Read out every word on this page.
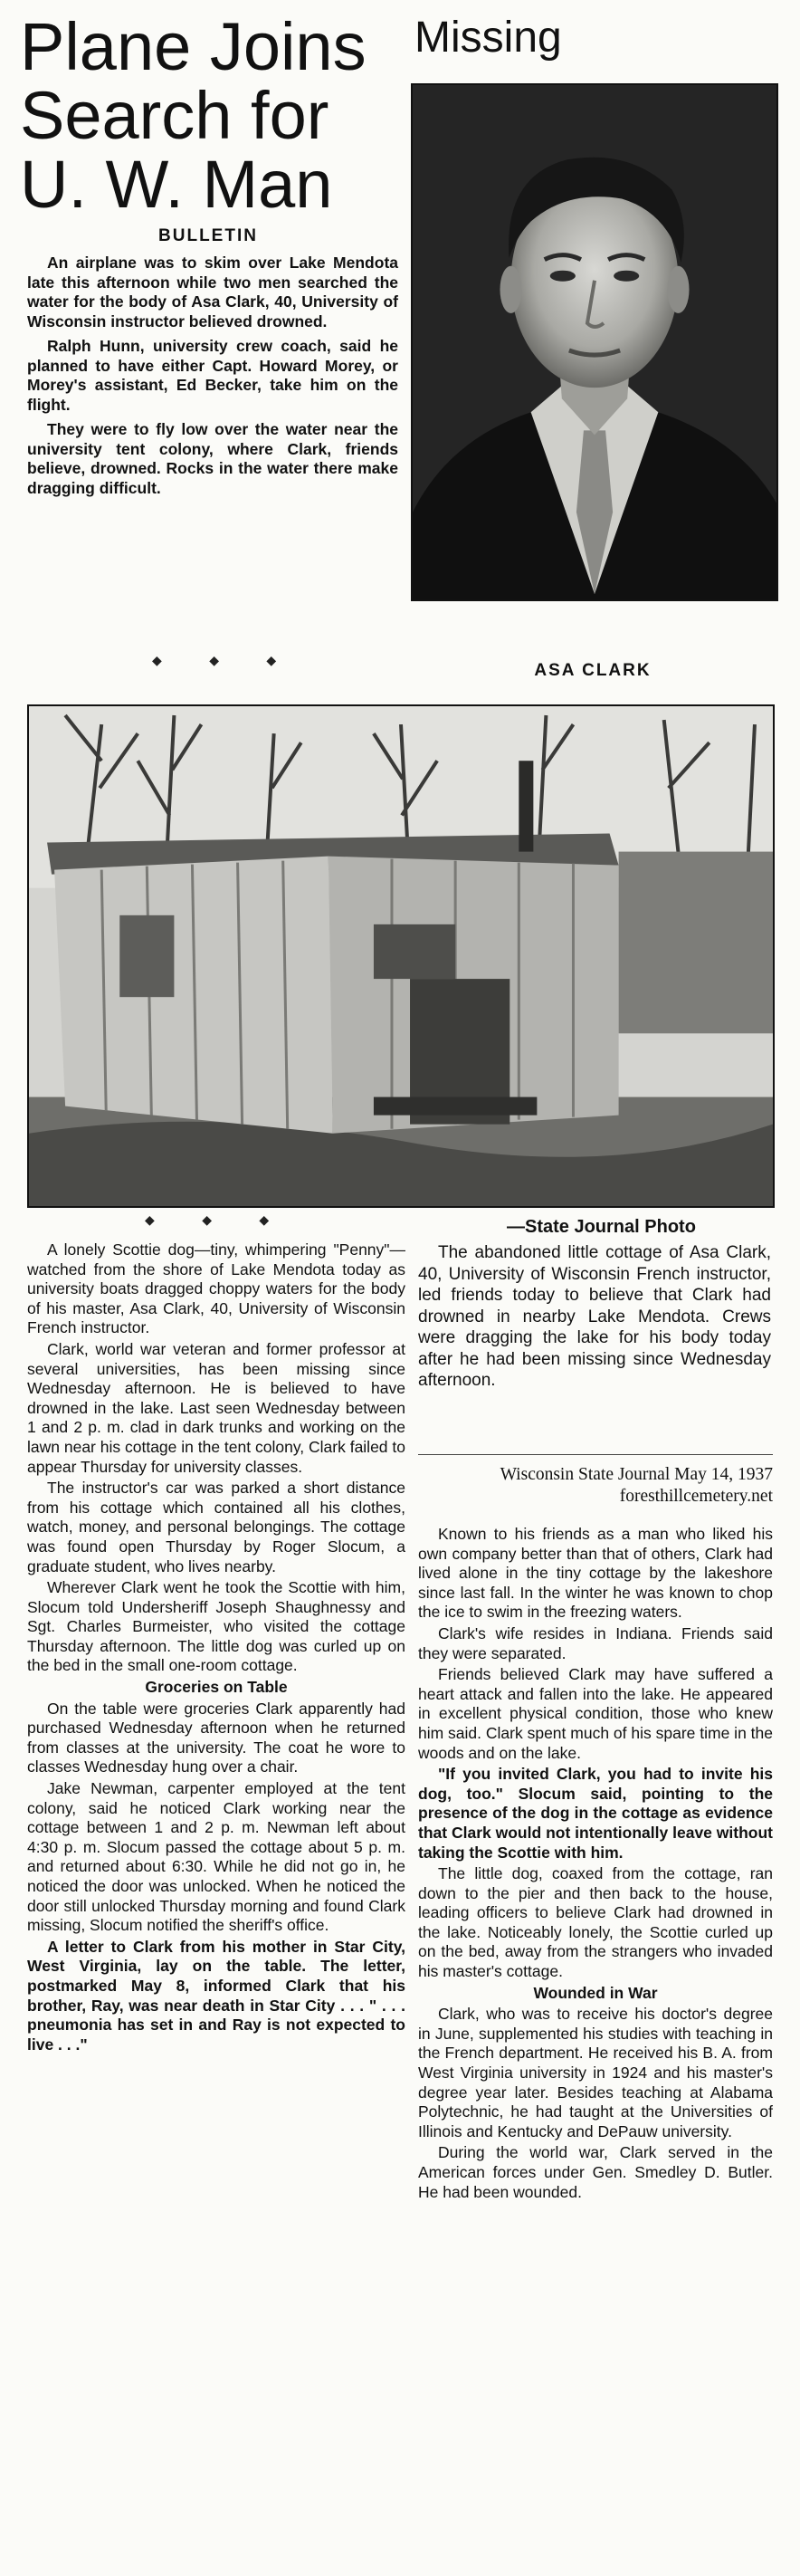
Plane Joins
Search for
U. W. Man
Missing
ASA CLARK
BULLETIN

An airplane was to skim over Lake Mendota late this afternoon while two men searched the water for the body of Asa Clark, 40, University of Wisconsin instructor believed drowned.

Ralph Hunn, university crew coach, said he planned to have either Capt. Howard Morey, or Morey's assistant, Ed Becker, take him on the flight.

They were to fly low over the water near the university tent colony, where Clark, friends believe, drowned. Rocks in the water there make dragging difficult.

◆ ◆ ◆
◆ ◆ ◆	—State Journal Photo
The abandoned little cottage of Asa Clark, 40, University of Wisconsin French instructor, led friends today to believe that Clark had drowned in nearby Lake Mendota. Crews were dragging the lake for his body today after he had been missing since Wednesday afternoon.
Wisconsin State Journal May 14, 1937
foresthillcemetery.net

A lonely Scottie dog—tiny, whimpering "Penny"—watched from the shore of Lake Mendota today as university boats dragged choppy waters for the body of his master, Asa Clark, 40, University of Wisconsin French instructor.

Clark, world war veteran and former professor at several universities, has been missing since Wednesday afternoon. He is believed to have drowned in the lake. Last seen Wednesday between 1 and 2 p. m. clad in dark trunks and working on the lawn near his cottage in the tent colony, Clark failed to appear Thursday for university classes.

The instructor's car was parked a short distance from his cottage which contained all his clothes, watch, money, and personal belongings. The cottage was found open Thursday by Roger Slocum, a graduate student, who lives nearby.

Wherever Clark went he took the Scottie with him, Slocum told Undersheriff Joseph Shaughnessy and Sgt. Charles Burmeister, who visited the cottage Thursday afternoon. The little dog was curled up on the bed in the small one-room cottage.

Groceries on Table

On the table were groceries Clark apparently had purchased Wednesday afternoon when he returned from classes at the university. The coat he wore to classes Wednesday hung over a chair.

Jake Newman, carpenter employed at the tent colony, said he noticed Clark working near the cottage between 1 and 2 p. m. Newman left about 4:30 p. m. Slocum passed the cottage about 5 p. m. and returned about 6:30. While he did not go in, he noticed the door was unlocked. When he noticed the door still unlocked Thursday morning and found Clark missing, Slocum notified the sheriff's office.

A letter to Clark from his mother in Star City, West Virginia, lay on the table. The letter, postmarked May 8, informed Clark that his brother, Ray, was near death in Star City . . . " . . . pneumonia has set in and Ray is not expected to live . . ."

Known to his friends as a man who liked his own company better than that of others, Clark had lived alone in the tiny cottage by the lakeshore since last fall. In the winter he was known to chop the ice to swim in the freezing waters.

Clark's wife resides in Indiana. Friends said they were separated.

Friends believed Clark may have suffered a heart attack and fallen into the lake. He appeared in excellent physical condition, those who knew him said. Clark spent much of his spare time in the woods and on the lake.

"If you invited Clark, you had to invite his dog, too." Slocum said, pointing to the presence of the dog in the cottage as evidence that Clark would not intentionally leave without taking the Scottie with him.

The little dog, coaxed from the cottage, ran down to the pier and then back to the house, leading officers to believe Clark had drowned in the lake. Noticeably lonely, the Scottie curled up on the bed, away from the strangers who invaded his master's cottage.

Wounded in War

Clark, who was to receive his doctor's degree in June, supplemented his studies with teaching in the French department. He received his B. A. from West Virginia university in 1924 and his master's degree year later. Besides teaching at Alabama Polytechnic, he had taught at the Universities of Illinois and Kentucky and DePauw university.

During the world war, Clark served in the American forces under Gen. Smedley D. Butler. He had been wounded.
